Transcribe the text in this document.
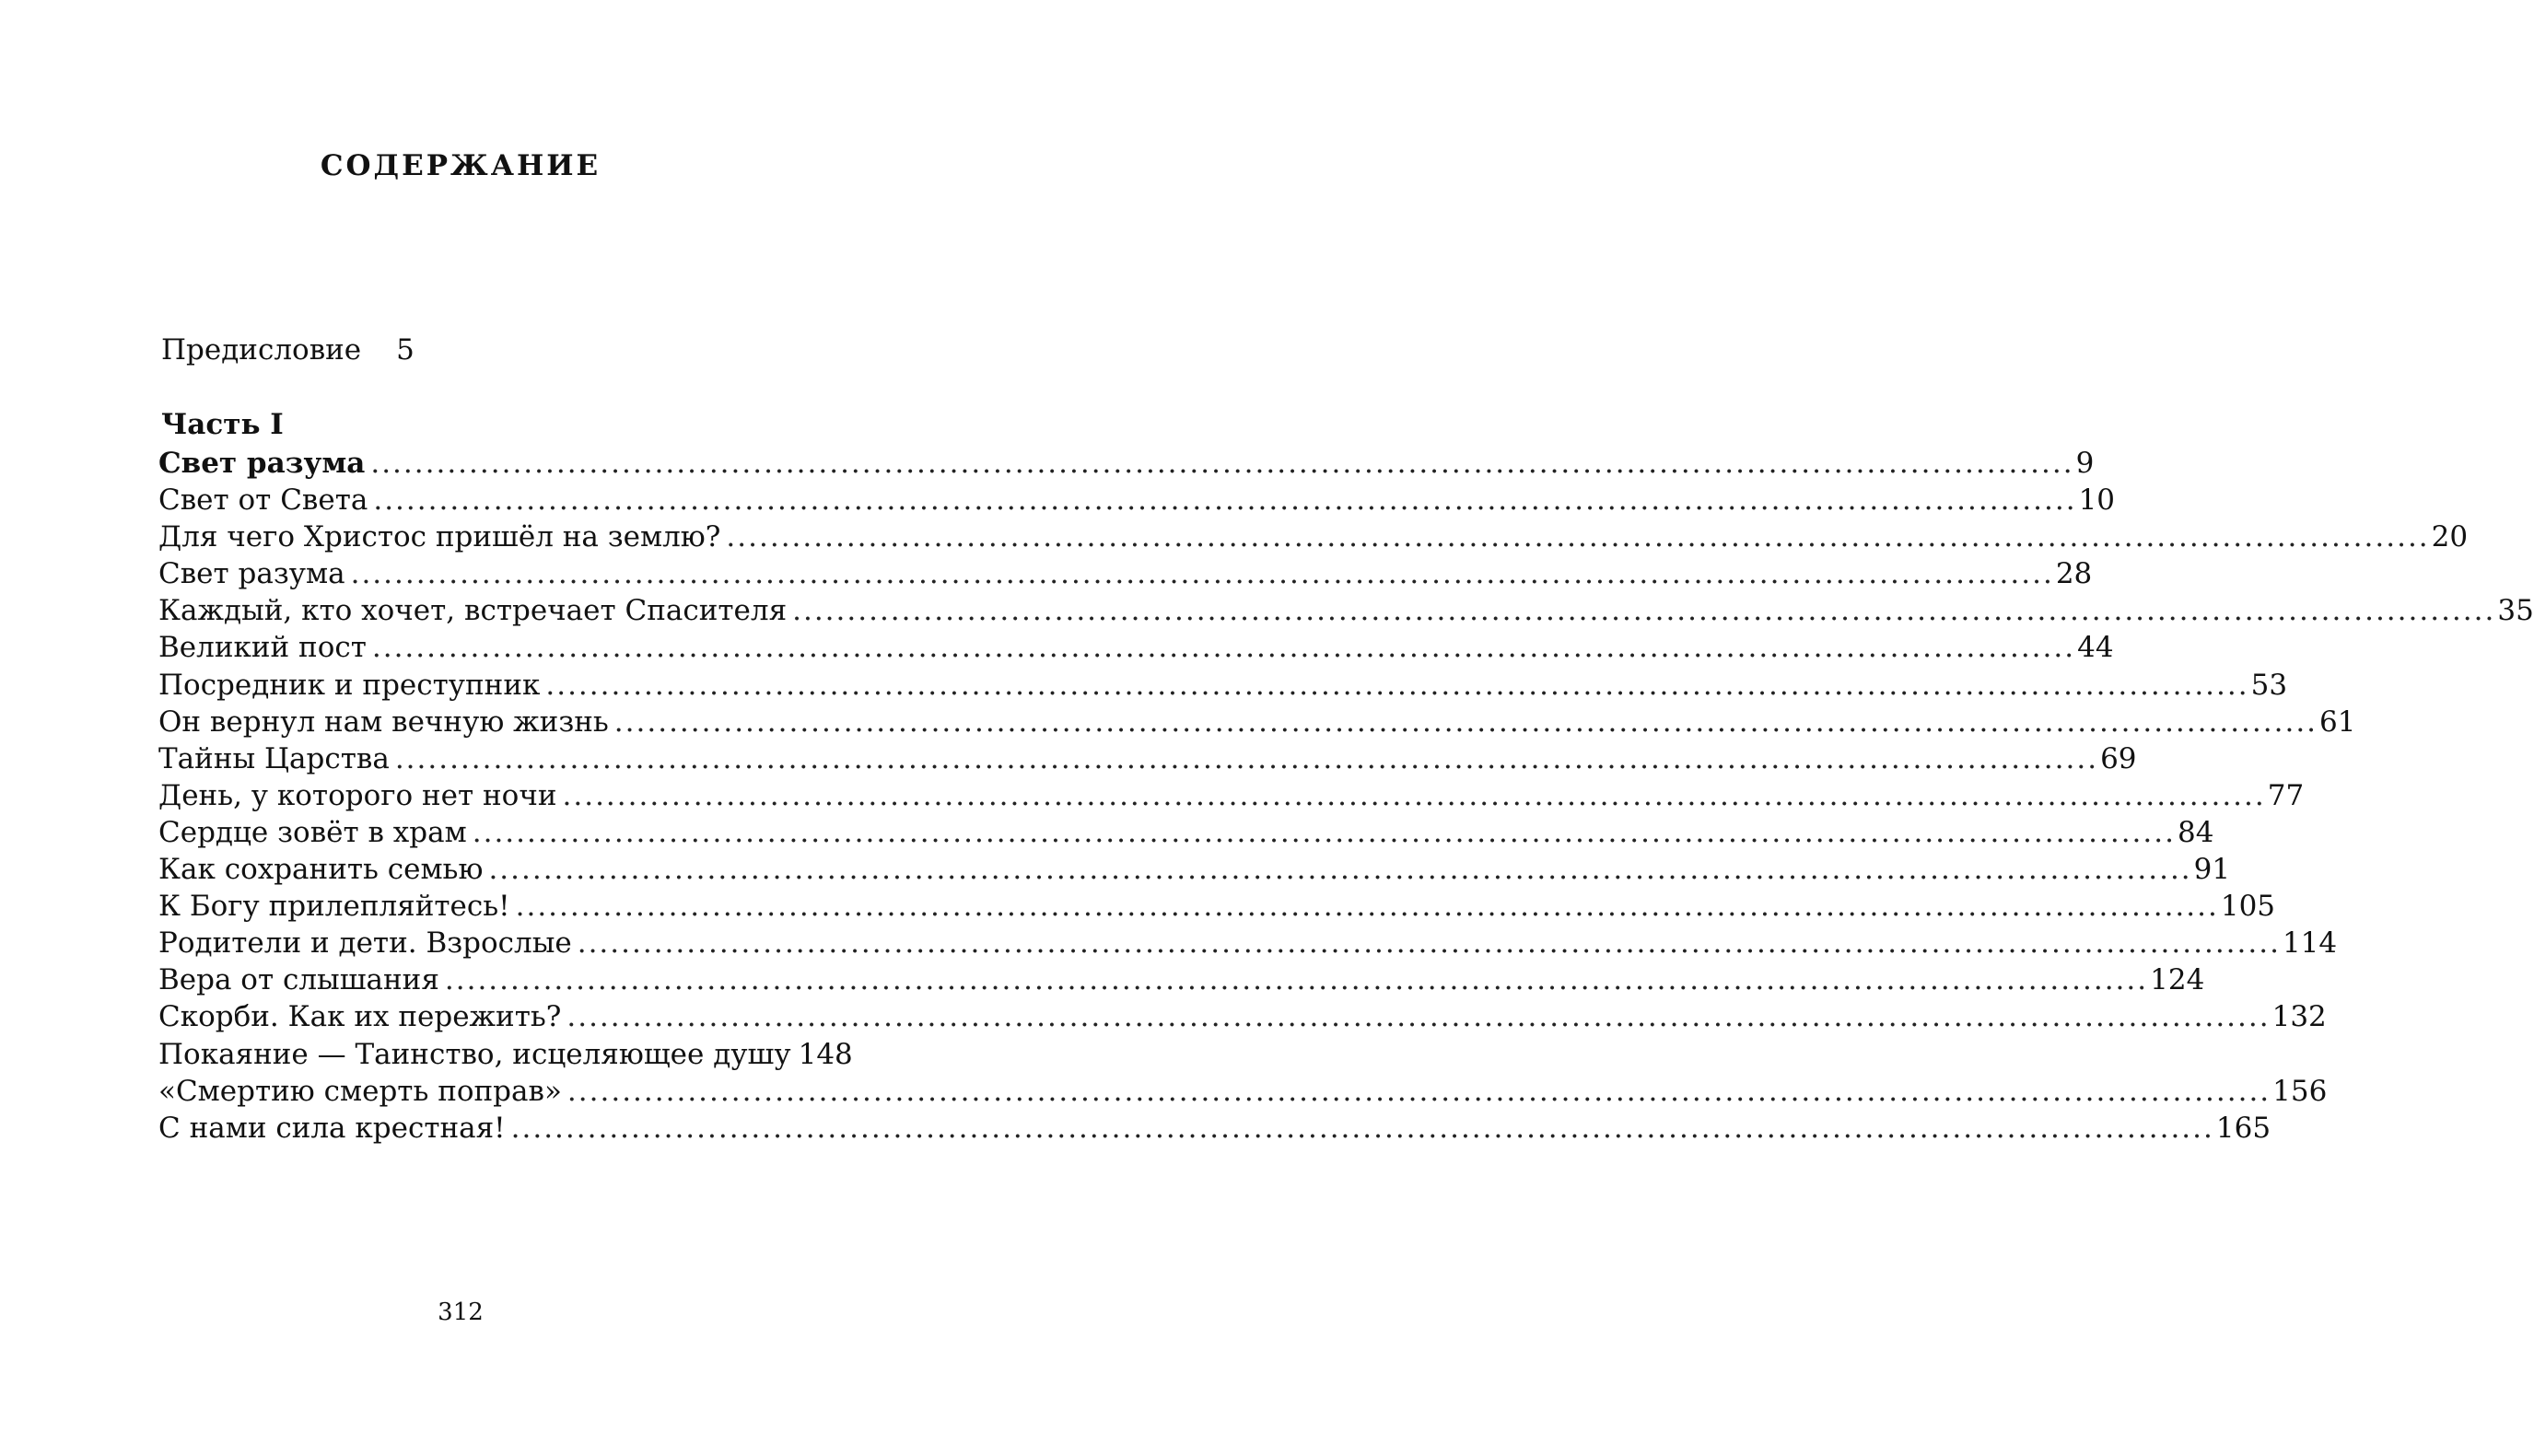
СОДЕРЖАНИЕ
Предисловие 5
Часть I
Свет разума .....	9
Свет от Света .....	10
Для чего Христос пришёл на землю? .....	20
Свет разума .....	28
Каждый, кто хочет, встречает Спасителя .....	35
Великий пост .....	44
Посредник и преступник .....	53
Он вернул нам вечную жизнь .....	61
Тайны Царства .....	69
День, у которого нет ночи .....	77
Сердце зовёт в храм .....	84
Как сохранить семью .....	91
К Богу прилепляйтесь! .....	105
Родители и дети. Взрослые .....	114
Вера от слышания .....	124
Скорби. Как их пережить? .....	132
Покаяние — Таинство, исцеляющее душу 148
«Смертию смерть поправ» .....	156
С нами сила крестная! .....	165
312
